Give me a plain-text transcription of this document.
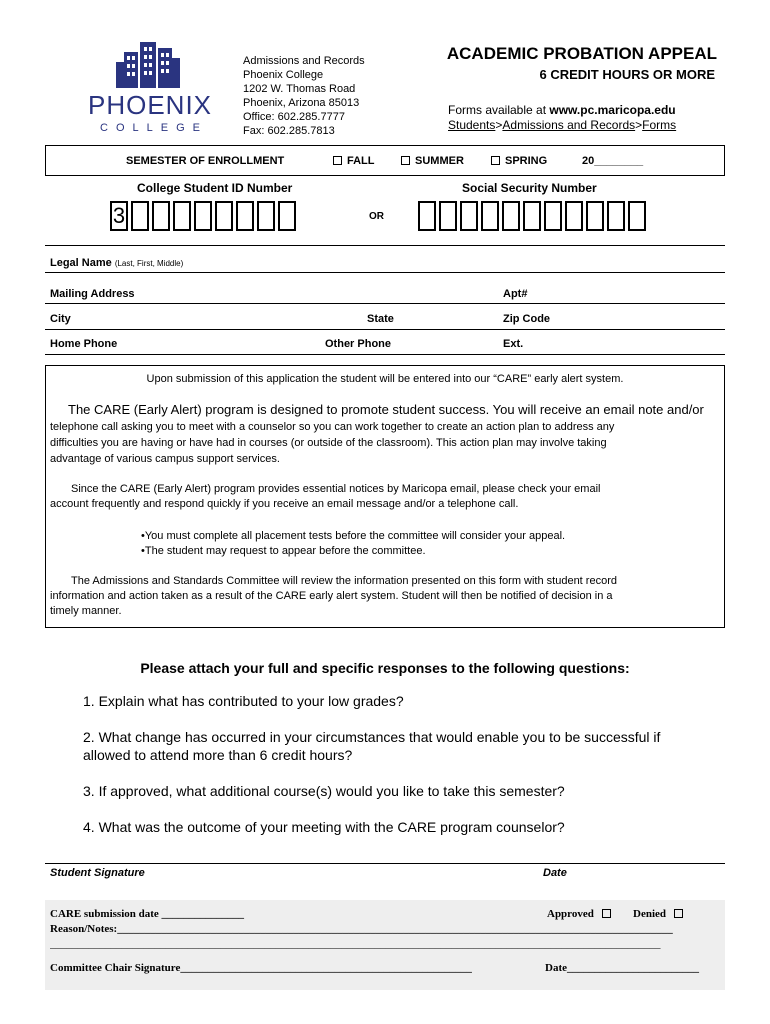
PHOENIX
COLLEGE
Admissions and Records
Phoenix College
1202 W. Thomas Road
Phoenix, Arizona 85013
Office: 602.285.7777
Fax: 602.285.7813
ACADEMIC PROBATION APPEAL
6 CREDIT HOURS OR MORE
Forms available at www.pc.maricopa.edu
Students>Admissions and Records>Forms
SEMESTER OF ENROLLMENT	FALL	SUMMER	SPRING	20________
College Student ID Number	Social Security Number
3	OR
Legal Name (Last, First, Middle)
Mailing Address	Apt#
City	State	Zip Code
Home Phone	Other Phone	Ext.

Upon submission of this application the student will be entered into our “CARE” early alert system.

The CARE (Early Alert) program is designed to promote student success. You will receive an email note and/or

telephone call asking you to meet with a counselor so you can work together to create an action plan to address any

difficulties you are having or have had in courses (or outside of the classroom). This action plan may involve taking

advantage of various campus support services.

Since the CARE (Early Alert) program provides essential notices by Maricopa email, please check your email

account frequently and respond quickly if you receive an email message and/or a telephone call.

•You must complete all placement tests before the committee will consider your appeal.

•The student may request to appear before the committee.

The Admissions and Standards Committee will review the information presented on this form with student record

information and action taken as a result of the CARE early alert system. Student will then be notified of decision in a

timely manner.

Please attach your full and specific responses to the following questions:
1. Explain what has contributed to your low grades?
2. What change has occurred in your circumstances that would enable you to be successful if
allowed to attend more than 6 credit hours?
3. If approved, what additional course(s) would you like to take this semester?
4. What was the outcome of your meeting with the CARE program counselor?
Student Signature	Date
CARE submission date _______________	Approved	Denied
Reason/Notes:_____________________________________________________________________________________________________
_______________________________________________________________________________________________________________
Committee Chair Signature_____________________________________________________	Date________________________
